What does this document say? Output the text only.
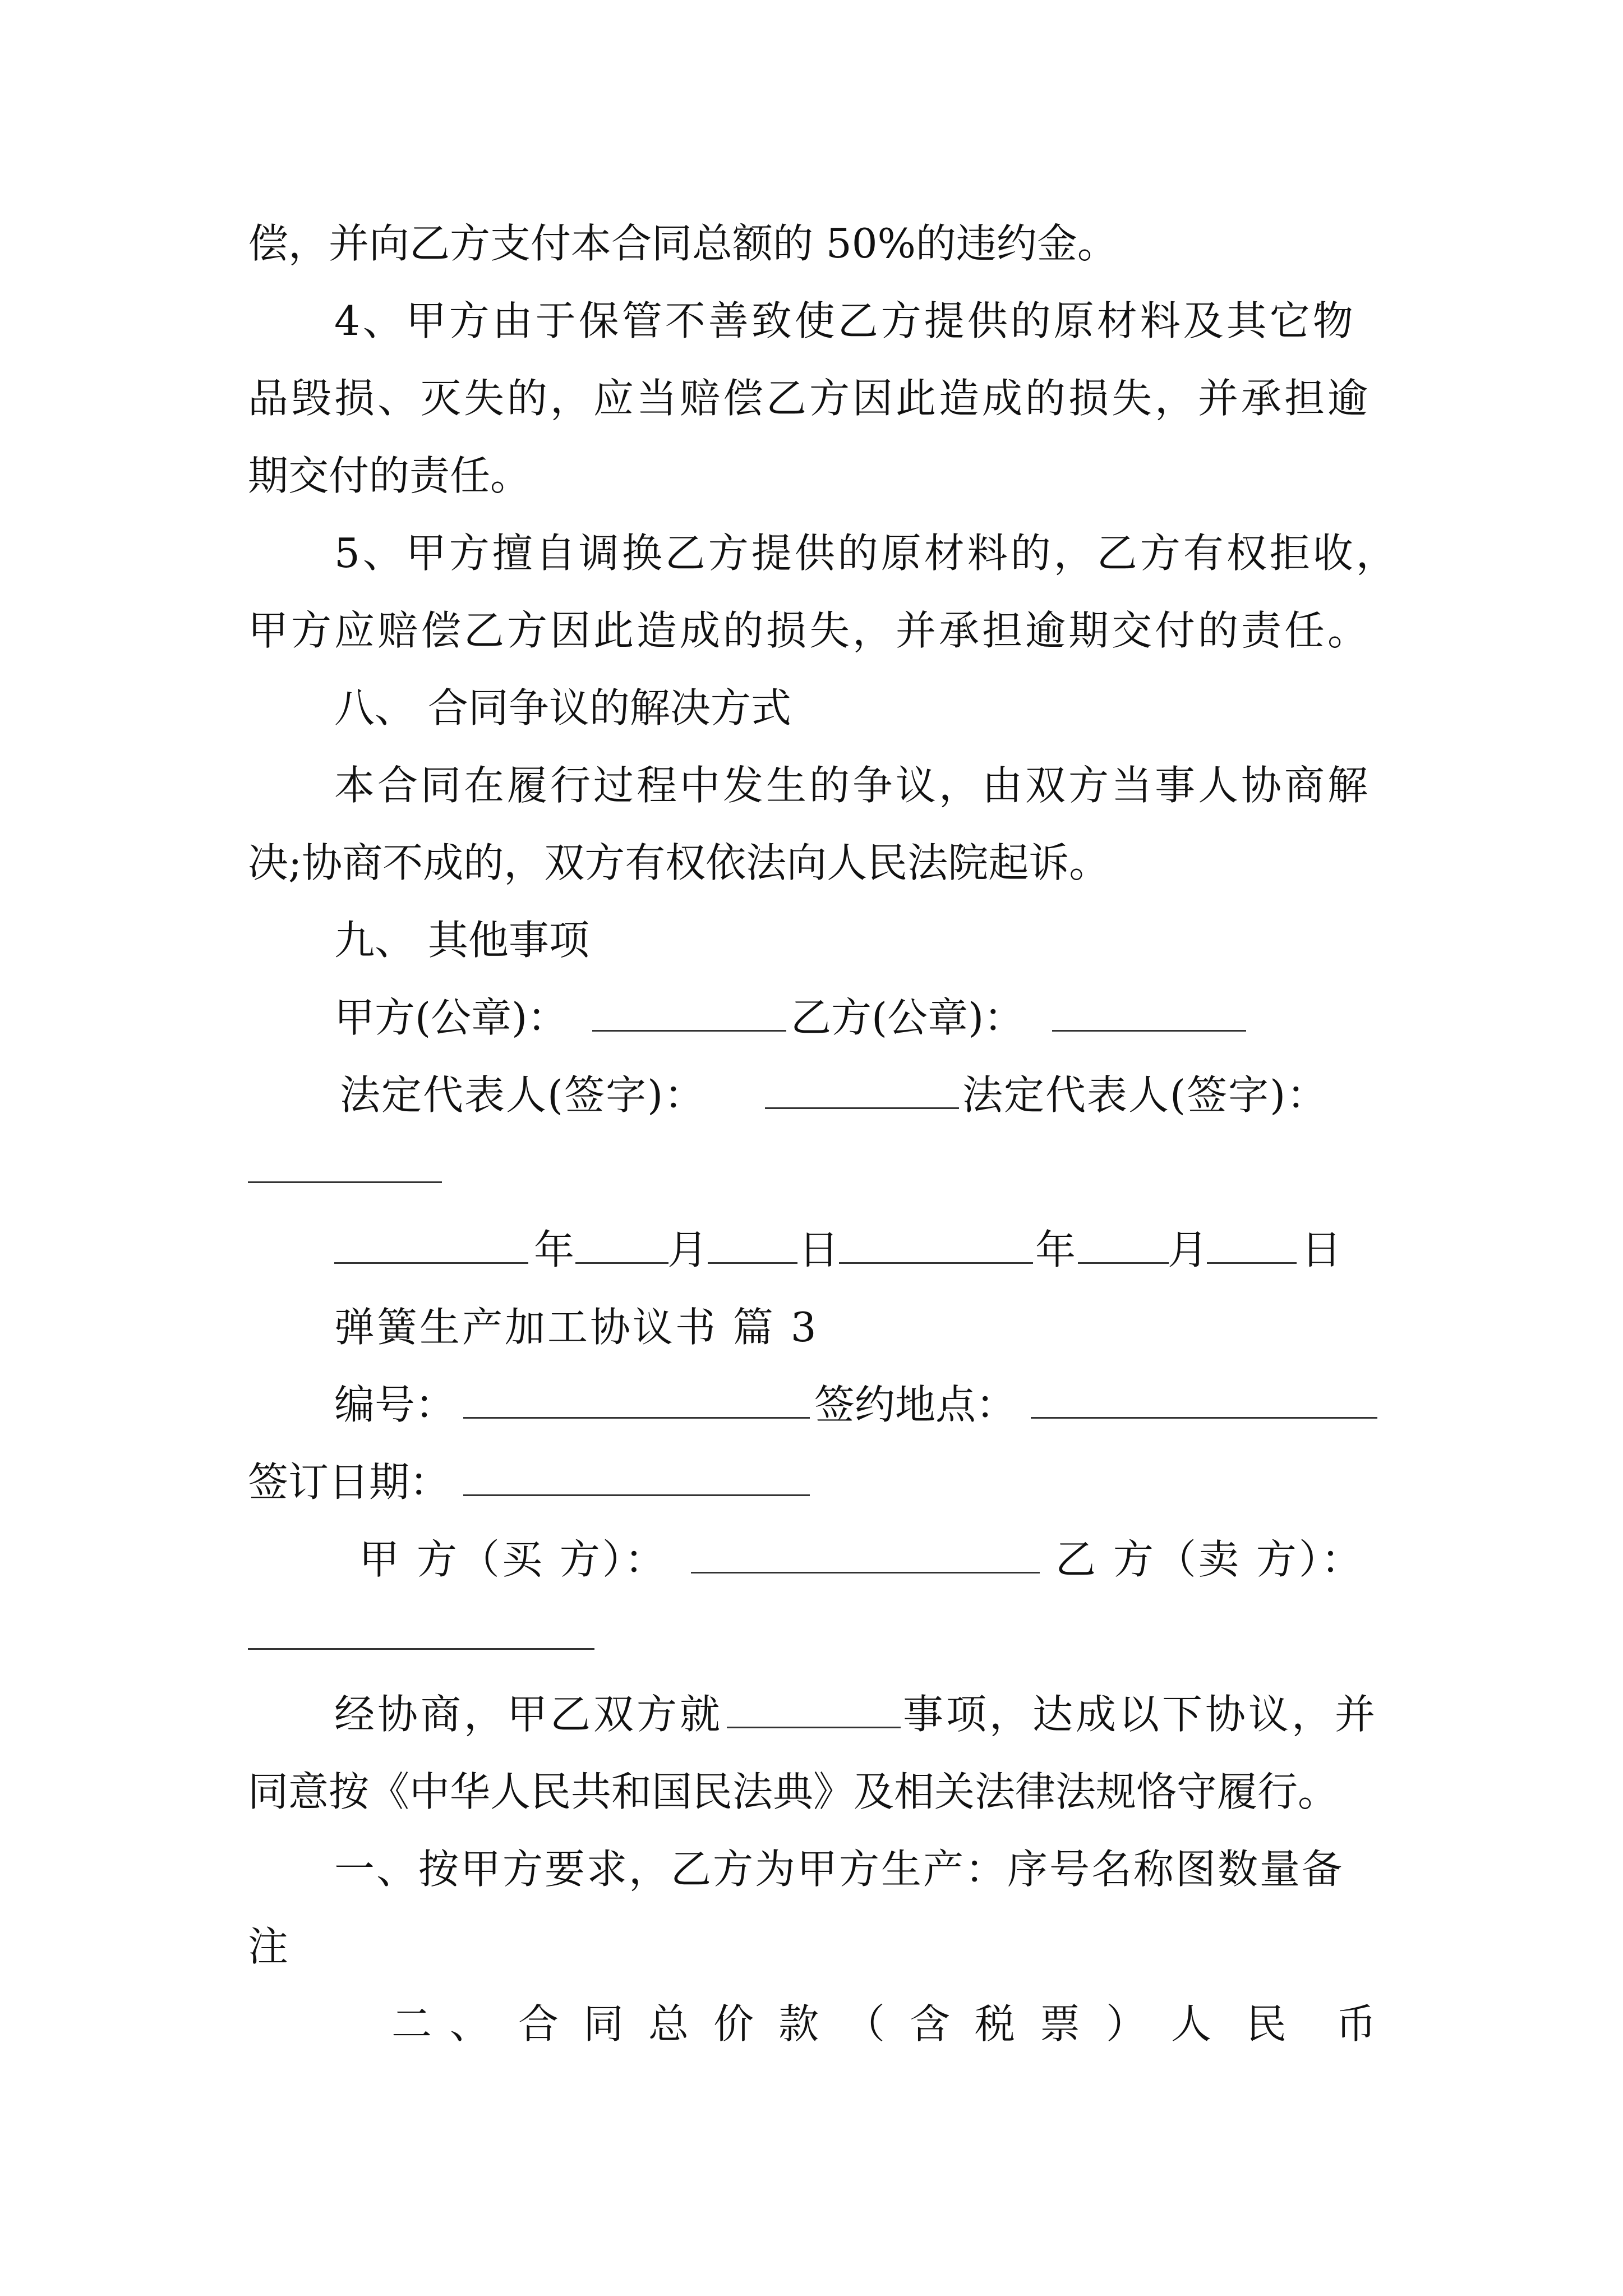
偿，并向乙方支付本合同总额的 50%的违约金。

4、甲方由于保管不善致使乙方提供的原材料及其它物

品毁损、灭失的，应当赔偿乙方因此造成的损失，并承担逾

期交付的责任。

5、甲方擅自调换乙方提供的原材料的，乙方有权拒收，

甲方应赔偿乙方因此造成的损失，并承担逾期交付的责任。

八、 合同争议的解决方式

本合同在履行过程中发生的争议，由双方当事人协商解

决;协商不成的，双方有权依法向人民法院起诉。

九、 其他事项

甲方(公章)：	乙方(公章)：

法定代表人(签字)：	法定代表人(签字)：

年 月 日	年 月 日

弹簧生产加工协议书 篇 3

编号：	签约地点：

签订日期：

甲 方（买 方）：	乙 方（卖 方）：

经协商，甲乙双方就	事项，达成以下协议，并

同意按《中华人民共和国民法典》及相关法律法规恪守履行。

一、按甲方要求，乙方为甲方生产：序号名称图数量备

注

二 、 合 同 总 价 款 （ 含 税 票 ） 人 民 币
